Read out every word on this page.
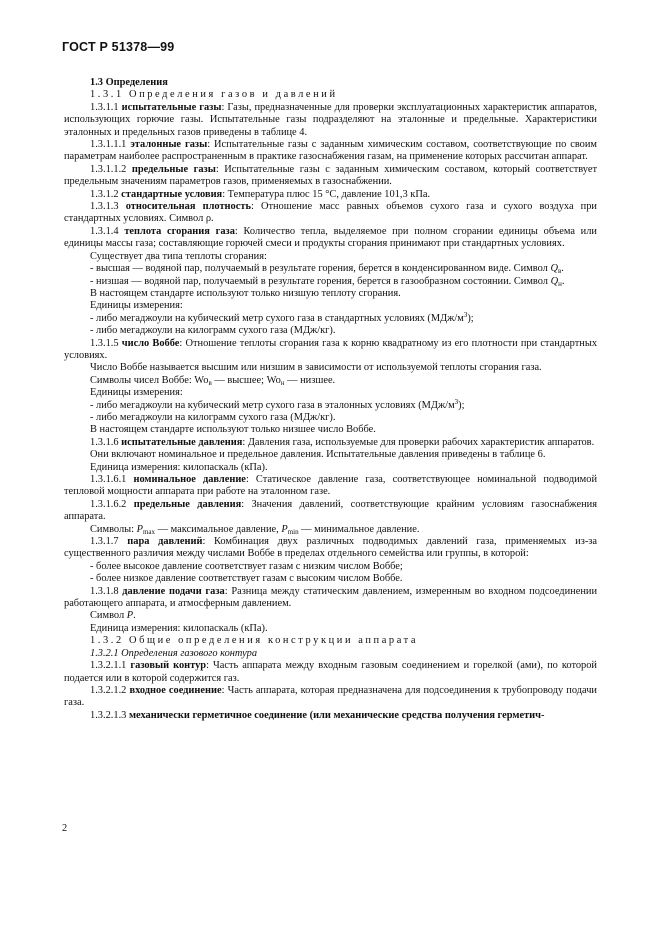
ГОСТ Р 51378—99

1.3 Определения

1.3.1 Определения газов и давлений

1.3.1.1 испытательные газы: Газы, предназначенные для проверки эксплуатационных характеристик аппаратов, использующих горючие газы. Испытательные газы подразделяют на эталонные и предельные. Характеристики эталонных и предельных газов приведены в таблице 4.

1.3.1.1.1 эталонные газы: Испытательные газы с заданным химическим составом, соответствующие по своим параметрам наиболее распространенным в практике газоснабжения газам, на применение которых рассчитан аппарат.

1.3.1.1.2 предельные газы: Испытательные газы с заданным химическим составом, который соответствует предельным значениям параметров газов, применяемых в газоснабжении.

1.3.1.2 стандартные условия: Температура плюс 15 °С, давление 101,3 кПа.

1.3.1.3 относительная плотность: Отношение масс равных объемов сухого газа и сухого воздуха при стандартных условиях. Символ ρ.

1.3.1.4 теплота сгорания газа: Количество тепла, выделяемое при полном сгорании единицы объема или единицы массы газа; составляющие горючей смеси и продукты сгорания принимают при стандартных условиях.

Существует два типа теплоты сгорания:

- высшая — водяной пар, получаемый в результате горения, берется в конденсированном виде. Символ $Q_в$.

- низшая — водяной пар, получаемый в результате горения, берется в газообразном состоянии. Символ $Q_н$.

В настоящем стандарте используют только низшую теплоту сгорания.

Единицы измерения:

- либо мегаджоули на кубический метр сухого газа в стандартных условиях $(МДж/м^3)$;

- либо мегаджоули на килограмм сухого газа (МДж/кг).

1.3.1.5 число Воббе: Отношение теплоты сгорания газа к корню квадратному из его плотности при стандартных условиях.

Число Воббе называется высшим или низшим в зависимости от используемой теплоты сгорания газа.

Символы чисел Воббе: $Wo_в$ — высшее; $Wo_н$ — низшее.

Единицы измерения:

- либо мегаджоули на кубический метр сухого газа в эталонных условиях $(МДж/м^3)$;

- либо мегаджоули на килограмм сухого газа (МДж/кг).

В настоящем стандарте используют только низшее число Воббе.

1.3.1.6 испытательные давления: Давления газа, используемые для проверки рабочих характеристик аппаратов.

Они включают номинальное и предельное давления. Испытательные давления приведены в таблице 6.

Единица измерения: килопаскаль (кПа).

1.3.1.6.1 номинальное давление: Статическое давление газа, соответствующее номинальной подводимой тепловой мощности аппарата при работе на эталонном газе.

1.3.1.6.2 предельные давления: Значения давлений, соответствующие крайним условиям газоснабжения аппарата.

Символы: $P_{max}$ — максимальное давление, $P_{min}$ — минимальное давление.

1.3.1.7 пара давлений: Комбинация двух различных подводимых давлений газа, применяемых из-за существенного различия между числами Воббе в пределах отдельного семейства или группы, в которой:

- более высокое давление соответствует газам с низким числом Воббе;

- более низкое давление соответствует газам с высоким числом Воббе.

1.3.1.8 давление подачи газа: Разница между статическим давлением, измеренным во входном подсоединении работающего аппарата, и атмосферным давлением.

Символ P.

Единица измерения: килопаскаль (кПа).

1.3.2 Общие определения конструкции аппарата

1.3.2.1 Определения газового контура

1.3.2.1.1 газовый контур: Часть аппарата между входным газовым соединением и горелкой (ами), по которой подается или в которой содержится газ.

1.3.2.1.2 входное соединение: Часть аппарата, которая предназначена для подсоединения к трубопроводу подачи газа.

1.3.2.1.3 механически герметичное соединение (или механические средства получения герметич-

2
